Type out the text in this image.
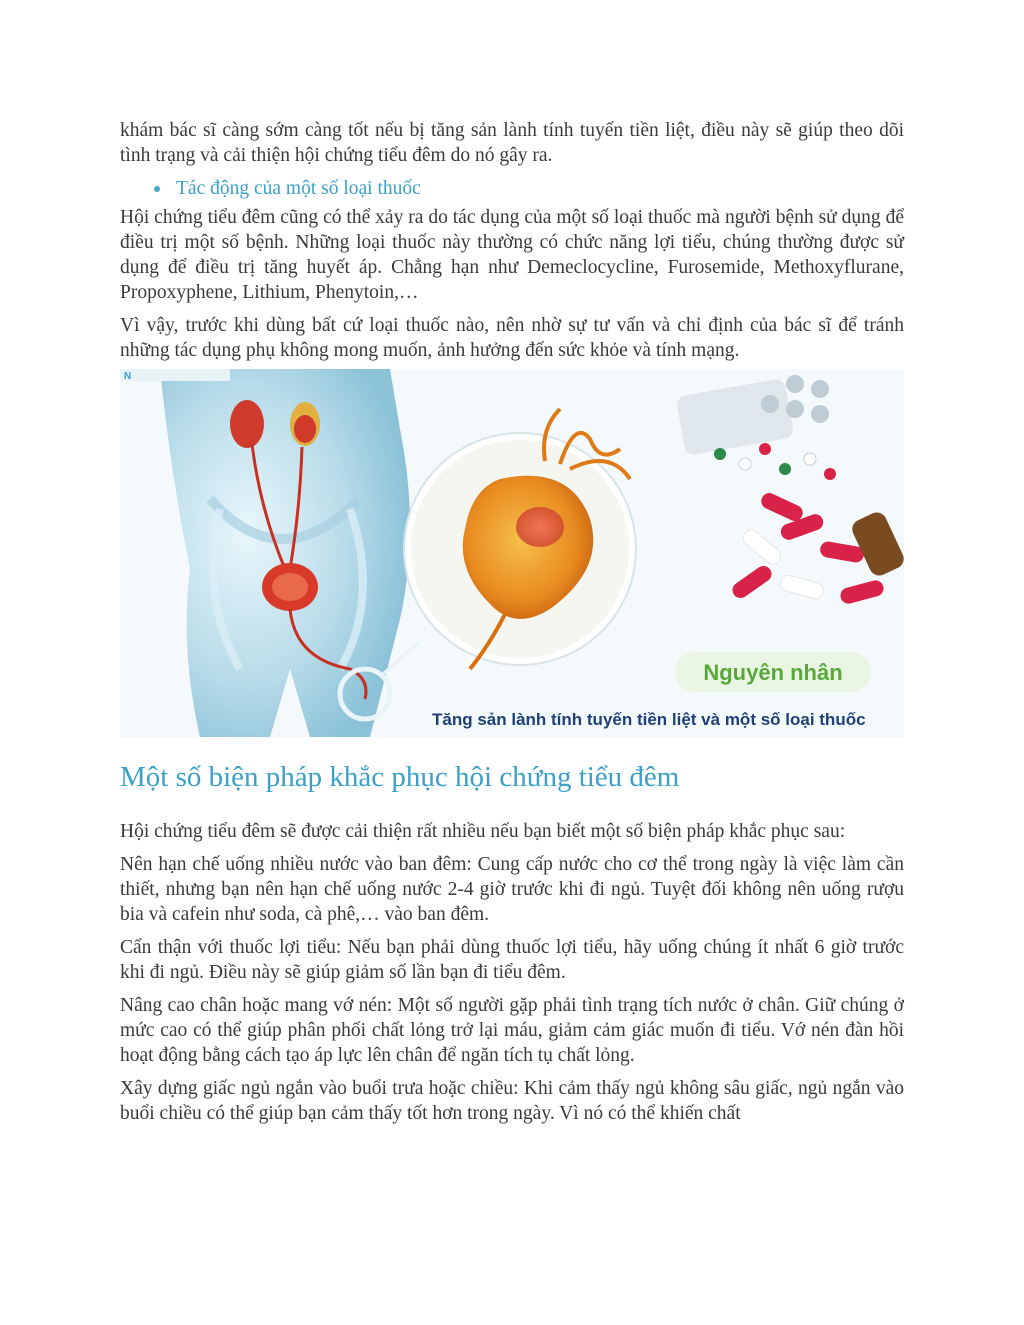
khám bác sĩ càng sớm càng tốt nếu bị tăng sản lành tính tuyến tiền liệt, điều này sẽ giúp theo dõi tình trạng và cải thiện hội chứng tiểu đêm do nó gây ra.

Tác động của một số loại thuốc

Hội chứng tiểu đêm cũng có thể xảy ra do tác dụng của một số loại thuốc mà người bệnh sử dụng để điều trị một số bệnh. Những loại thuốc này thường có chức năng lợi tiểu, chúng thường được sử dụng để điều trị tăng huyết áp. Chẳng hạn như Demeclocycline, Furosemide, Methoxyflurane, Propoxyphene, Lithium, Phenytoin,…

Vì vậy, trước khi dùng bất cứ loại thuốc nào, nên nhờ sự tư vấn và chỉ định của bác sĩ để tránh những tác dụng phụ không mong muốn, ảnh hưởng đến sức khỏe và tính mạng.

N
Nguyên nhân
Tăng sản lành tính tuyến tiền liệt và một số loại thuốc
Một số biện pháp khắc phục hội chứng tiểu đêm

Hội chứng tiểu đêm sẽ được cải thiện rất nhiều nếu bạn biết một số biện pháp khắc phục sau:

Nên hạn chế uống nhiều nước vào ban đêm: Cung cấp nước cho cơ thể trong ngày là việc làm cần thiết, nhưng bạn nên hạn chế uống nước 2-4 giờ trước khi đi ngủ. Tuyệt đối không nên uống rượu bia và cafein như soda, cà phê,… vào ban đêm.

Cẩn thận với thuốc lợi tiểu: Nếu bạn phải dùng thuốc lợi tiểu, hãy uống chúng ít nhất 6 giờ trước khi đi ngủ. Điều này sẽ giúp giảm số lần bạn đi tiểu đêm.

Nâng cao chân hoặc mang vớ nén: Một số người gặp phải tình trạng tích nước ở chân. Giữ chúng ở mức cao có thể giúp phân phối chất lỏng trở lại máu, giảm cảm giác muốn đi tiểu. Vớ nén đàn hồi hoạt động bằng cách tạo áp lực lên chân để ngăn tích tụ chất lỏng.

Xây dựng giấc ngủ ngắn vào buổi trưa hoặc chiều: Khi cảm thấy ngủ không sâu giấc, ngủ ngắn vào buổi chiều có thể giúp bạn cảm thấy tốt hơn trong ngày. Vì nó có thể khiến chất
